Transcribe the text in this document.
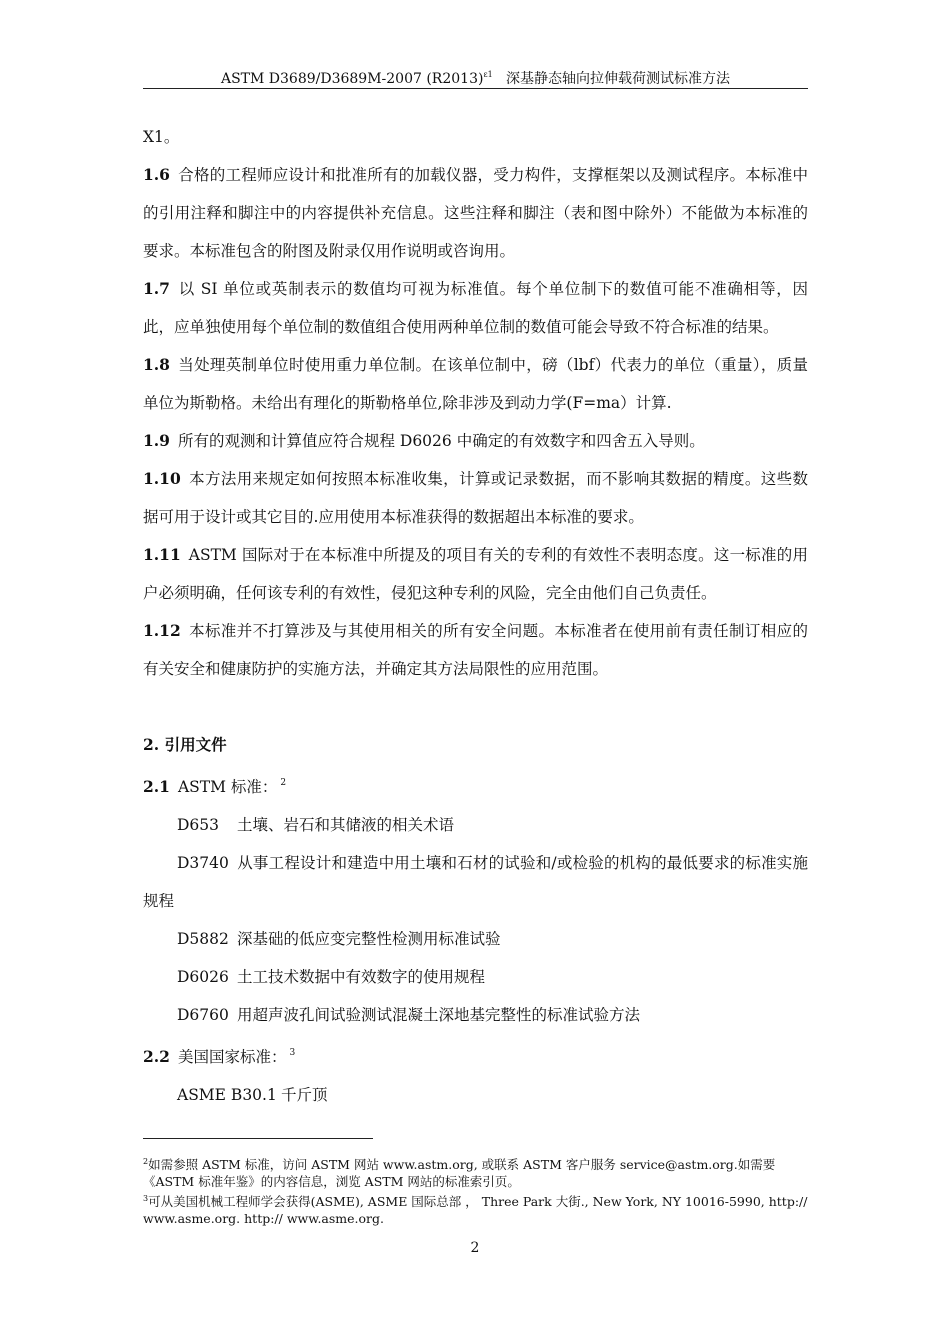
ASTM D3689/D3689M-2007 $(R2013)^{\varepsilon 1}$ 深基静态轴向拉伸载荷测试标准方法

X1。

1.6 合格的工程师应设计和批准所有的加载仪器，受力构件，支撑框架以及测试程序。本标准中的引用注释和脚注中的内容提供补充信息。这些注释和脚注（表和图中除外）不能做为本标准的要求。本标准包含的附图及附录仅用作说明或咨询用。

1.7 以 SI 单位或英制表示的数值均可视为标准值。每个单位制下的数值可能不准确相等，因此，应单独使用每个单位制的数值组合使用两种单位制的数值可能会导致不符合标准的结果。

1.8 当处理英制单位时使用重力单位制。在该单位制中，磅（lbf）代表力的单位（重量），质量单位为斯勒格。未给出有理化的斯勒格单位,除非涉及到动力学(F=ma）计算.

1.9 所有的观测和计算值应符合规程 D6026 中确定的有效数字和四舍五入导则。

1.10 本方法用来规定如何按照本标准收集，计算或记录数据，而不影响其数据的精度。这些数据可用于设计或其它目的.应用使用本标准获得的数据超出本标准的要求。

1.11 ASTM 国际对于在本标准中所提及的项目有关的专利的有效性不表明态度。这一标准的用户必须明确，任何该专利的有效性，侵犯这种专利的风险，完全由他们自己负责任。

1.12 本标准并不打算涉及与其使用相关的所有安全问题。本标准者在使用前有责任制订相应的有关安全和健康防护的实施方法，并确定其方法局限性的应用范围。

2. 引用文件

2.1 ASTM 标准： $^2$

D653 土壤、岩石和其储液的相关术语

D3740 从事工程设计和建造中用土壤和石材的试验和/或检验的机构的最低要求的标准实施规程

D5882 深基础的低应变完整性检测用标准试验

D6026 土工技术数据中有效数字的使用规程

D6760 用超声波孔间试验测试混凝土深地基完整性的标准试验方法

2.2 美国国家标准： $^3$

ASME B30.1 千斤顶

$^2$如需参照 ASTM 标准，访问 ASTM 网站 www.astm.org, 或联系 ASTM 客户服务 service@astm.org.如需要《ASTM 标准年鉴》的内容信息，浏览 ASTM 网站的标准索引页。

$^3$可从美国机械工程师学会获得(ASME), ASME 国际总部 ， Three Park 大街., New York, NY 10016-5990, http:// www.asme.org. http:// www.asme.org.

2
